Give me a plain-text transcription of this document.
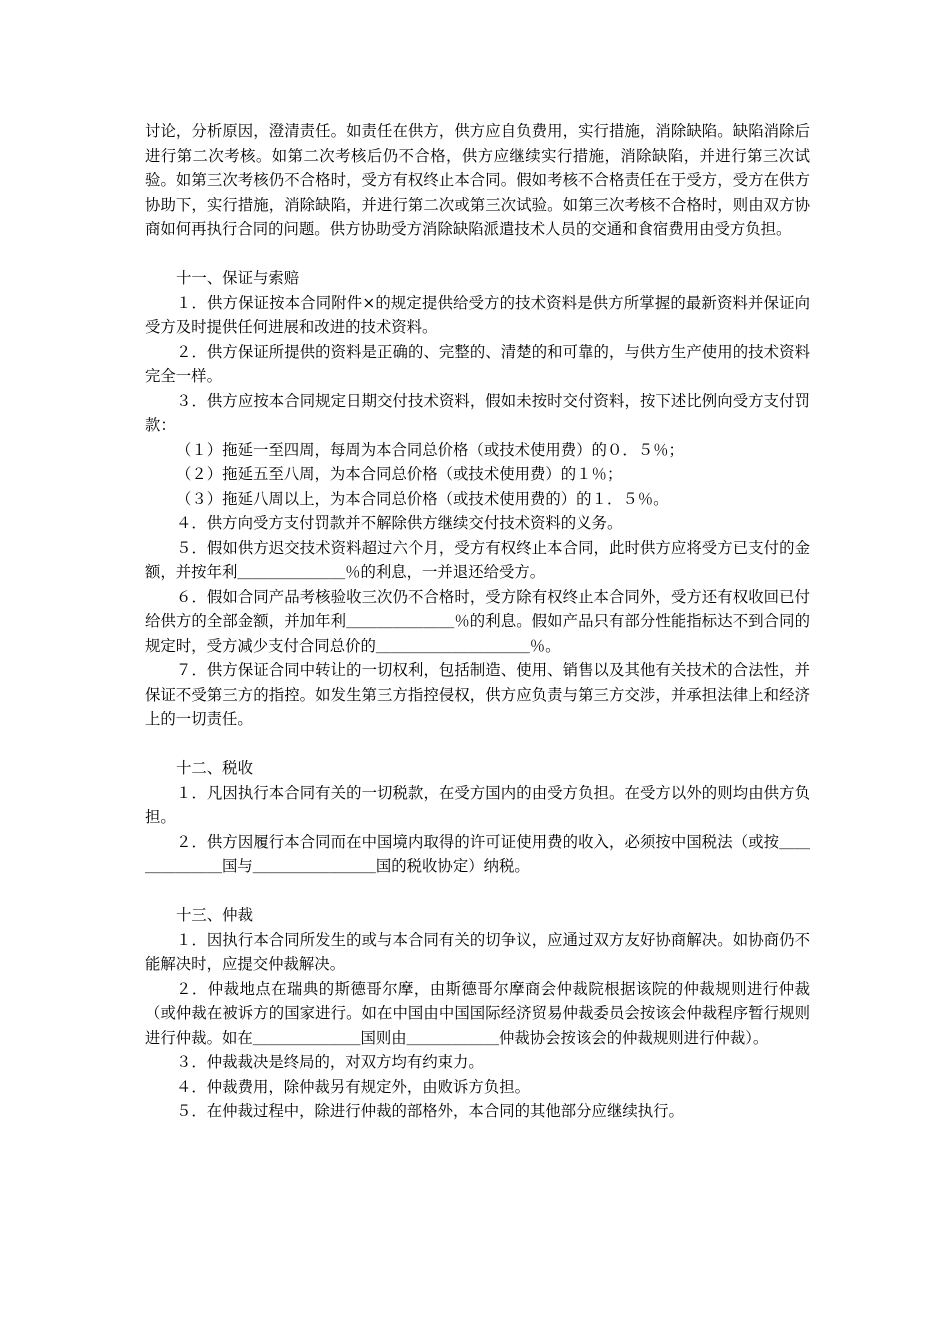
讨论，分析原因，澄清责任。如责任在供方，供方应自负费用，实行措施，消除缺陷。缺陷消除后进行第二次考核。如第二次考核后仍不合格，供方应继续实行措施，消除缺陷，并进行第三次试验。如第三次考核仍不合格时，受方有权终止本合同。假如考核不合格责任在于受方，受方在供方协助下，实行措施，消除缺陷，并进行第二次或第三次试验。如第三次考核不合格时，则由双方协商如何再执行合同的问题。供方协助受方消除缺陷派遣技术人员的交通和食宿费用由受方负担。

十一、保证与索赔

１．供方保证按本合同附件×的规定提供给受方的技术资料是供方所掌握的最新资料并保证向受方及时提供任何进展和改进的技术资料。

２．供方保证所提供的资料是正确的、完整的、清楚的和可靠的，与供方生产使用的技术资料完全一样。

３．供方应按本合同规定日期交付技术资料，假如未按时交付资料，按下述比例向受方支付罚款：

（１）拖延一至四周，每周为本合同总价格（或技术使用费）的０．５％；

（２）拖延五至八周，为本合同总价格（或技术使用费）的１％；

（３）拖延八周以上，为本合同总价格（或技术使用费的）的１．５％。

４．供方向受方支付罚款并不解除供方继续交付技术资料的义务。

５．假如供方迟交技术资料超过六个月，受方有权终止本合同，此时供方应将受方已支付的金额，并按年利＿＿＿＿＿＿＿％的利息，一并退还给受方。

６．假如合同产品考核验收三次仍不合格时，受方除有权终止本合同外，受方还有权收回已付给供方的全部金额，并加年利＿＿＿＿＿＿＿％的利息。假如产品只有部分性能指标达不到合同的规定时，受方减少支付合同总价的＿＿＿＿＿＿＿＿＿＿％。

７．供方保证合同中转让的一切权利，包括制造、使用、销售以及其他有关技术的合法性，并保证不受第三方的指控。如发生第三方指控侵权，供方应负责与第三方交涉，并承担法律上和经济上的一切责任。

十二、税收

１．凡因执行本合同有关的一切税款，在受方国内的由受方负担。在受方以外的则均由供方负担。

２．供方因履行本合同而在中国境内取得的许可证使用费的收入，必须按中国税法（或按＿＿＿＿＿＿＿国与＿＿＿＿＿＿＿＿国的税收协定）纳税。

十三、仲裁

１．因执行本合同所发生的或与本合同有关的切争议，应通过双方友好协商解决。如协商仍不能解决时，应提交仲裁解决。

２．仲裁地点在瑞典的斯德哥尔摩，由斯德哥尔摩商会仲裁院根据该院的仲裁规则进行仲裁（或仲裁在被诉方的国家进行。如在中国由中国国际经济贸易仲裁委员会按该会仲裁程序暂行规则进行仲裁。如在＿＿＿＿＿＿＿国则由＿＿＿＿＿＿仲裁协会按该会的仲裁规则进行仲裁）。

３．仲裁裁决是终局的，对双方均有约束力。

４．仲裁费用，除仲裁另有规定外，由败诉方负担。

５．在仲裁过程中，除进行仲裁的部格外，本合同的其他部分应继续执行。
